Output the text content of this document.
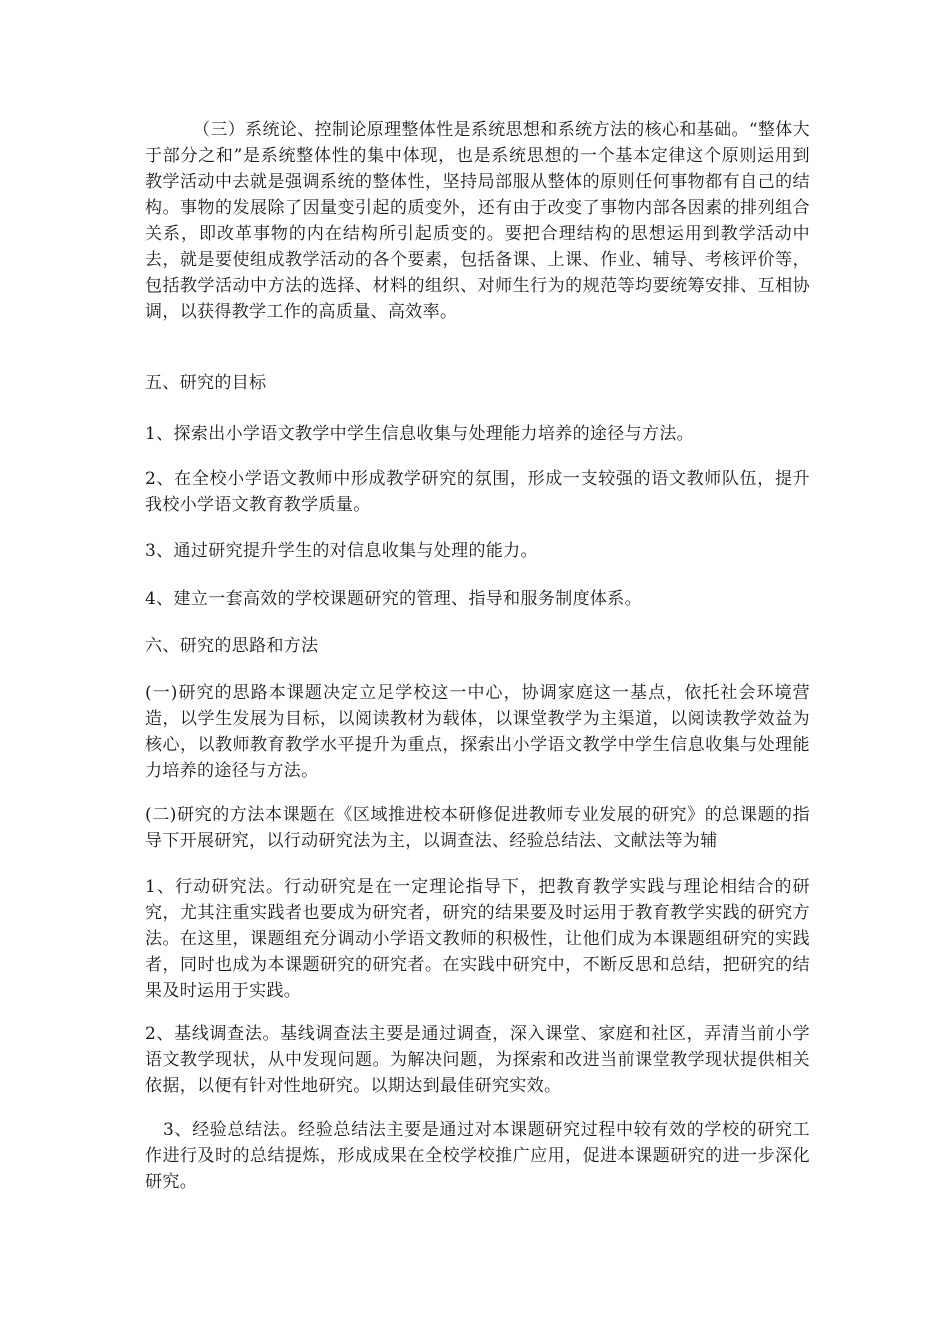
（三）系统论、控制论原理整体性是系统思想和系统方法的核心和基础。“整体大于部分之和”是系统整体性的集中体现，也是系统思想的一个基本定律这个原则运用到教学活动中去就是强调系统的整体性，坚持局部服从整体的原则任何事物都有自己的结构。事物的发展除了因量变引起的质变外，还有由于改变了事物内部各因素的排列组合关系，即改革事物的内在结构所引起质变的。要把合理结构的思想运用到教学活动中去，就是要使组成教学活动的各个要素，包括备课、上课、作业、辅导、考核评价等，包括教学活动中方法的选择、材料的组织、对师生行为的规范等均要统筹安排、互相协调，以获得教学工作的高质量、高效率。

五、研究的目标

1、探索出小学语文教学中学生信息收集与处理能力培养的途径与方法。

2、在全校小学语文教师中形成教学研究的氛围，形成一支较强的语文教师队伍，提升我校小学语文教育教学质量。

3、通过研究提升学生的对信息收集与处理的能力。

4、建立一套高效的学校课题研究的管理、指导和服务制度体系。

六、研究的思路和方法

(一)研究的思路本课题决定立足学校这一中心，协调家庭这一基点，依托社会环境营造，以学生发展为目标，以阅读教材为载体，以课堂教学为主渠道，以阅读教学效益为核心，以教师教育教学水平提升为重点，探索出小学语文教学中学生信息收集与处理能力培养的途径与方法。

(二)研究的方法本课题在《区域推进校本研修促进教师专业发展的研究》的总课题的指导下开展研究，以行动研究法为主，以调查法、经验总结法、文献法等为辅

1、行动研究法。行动研究是在一定理论指导下，把教育教学实践与理论相结合的研究，尤其注重实践者也要成为研究者，研究的结果要及时运用于教育教学实践的研究方法。在这里，课题组充分调动小学语文教师的积极性，让他们成为本课题组研究的实践者，同时也成为本课题研究的研究者。在实践中研究中，不断反思和总结，把研究的结果及时运用于实践。

2、基线调查法。基线调查法主要是通过调查，深入课堂、家庭和社区，弄清当前小学语文教学现状，从中发现问题。为解决问题，为探索和改进当前课堂教学现状提供相关依据，以便有针对性地研究。以期达到最佳研究实效。

3、经验总结法。经验总结法主要是通过对本课题研究过程中较有效的学校的研究工作进行及时的总结提炼，形成成果在全校学校推广应用，促进本课题研究的进一步深化研究。
